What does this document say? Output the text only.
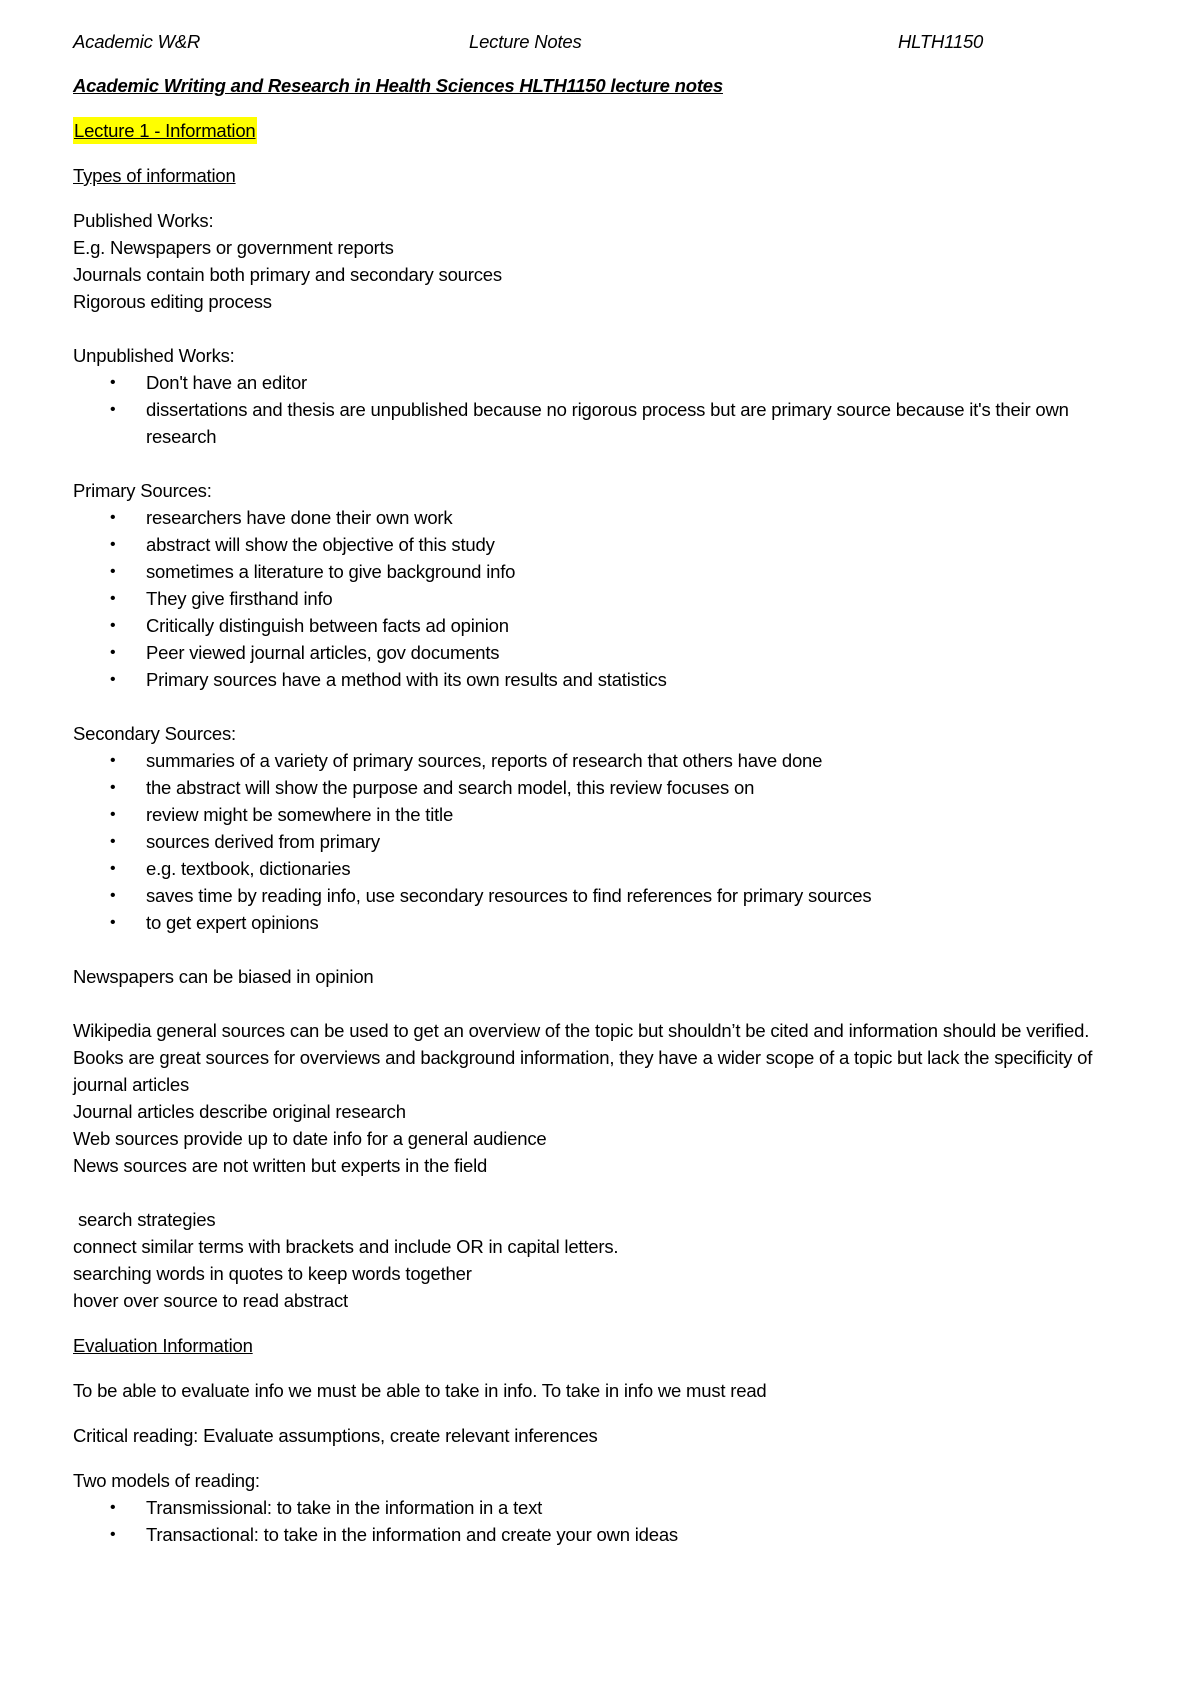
Academic W&R	Lecture Notes	HLTH1150

Academic Writing and Research in Health Sciences HLTH1150 lecture notes

Lecture 1 - Information

Types of information

Published Works:

E.g. Newspapers or government reports

Journals contain both primary and secondary sources

Rigorous editing process

Unpublished Works:

• Don't have an editor
• dissertations and thesis are unpublished because no rigorous process but are primary source because it's their own research

Primary Sources:

• researchers have done their own work
• abstract will show the objective of this study
• sometimes a literature to give background info
• They give firsthand info
• Critically distinguish between facts ad opinion
• Peer viewed journal articles, gov documents
• Primary sources have a method with its own results and statistics

Secondary Sources:

• summaries of a variety of primary sources, reports of research that others have done
• the abstract will show the purpose and search model, this review focuses on
• review might be somewhere in the title
• sources derived from primary
• e.g. textbook, dictionaries
• saves time by reading info, use secondary resources to find references for primary sources
• to get expert opinions

Newspapers can be biased in opinion

Wikipedia general sources can be used to get an overview of the topic but shouldn’t be cited and information should be verified.

Books are great sources for overviews and background information, they have a wider scope of a topic but lack the specificity of journal articles

Journal articles describe original research

Web sources provide up to date info for a general audience

News sources are not written but experts in the field

search strategies

connect similar terms with brackets and include OR in capital letters.

searching words in quotes to keep words together

hover over source to read abstract

Evaluation Information

To be able to evaluate info we must be able to take in info. To take in info we must read

Critical reading: Evaluate assumptions, create relevant inferences

Two models of reading:

• Transmissional: to take in the information in a text
• Transactional: to take in the information and create your own ideas
